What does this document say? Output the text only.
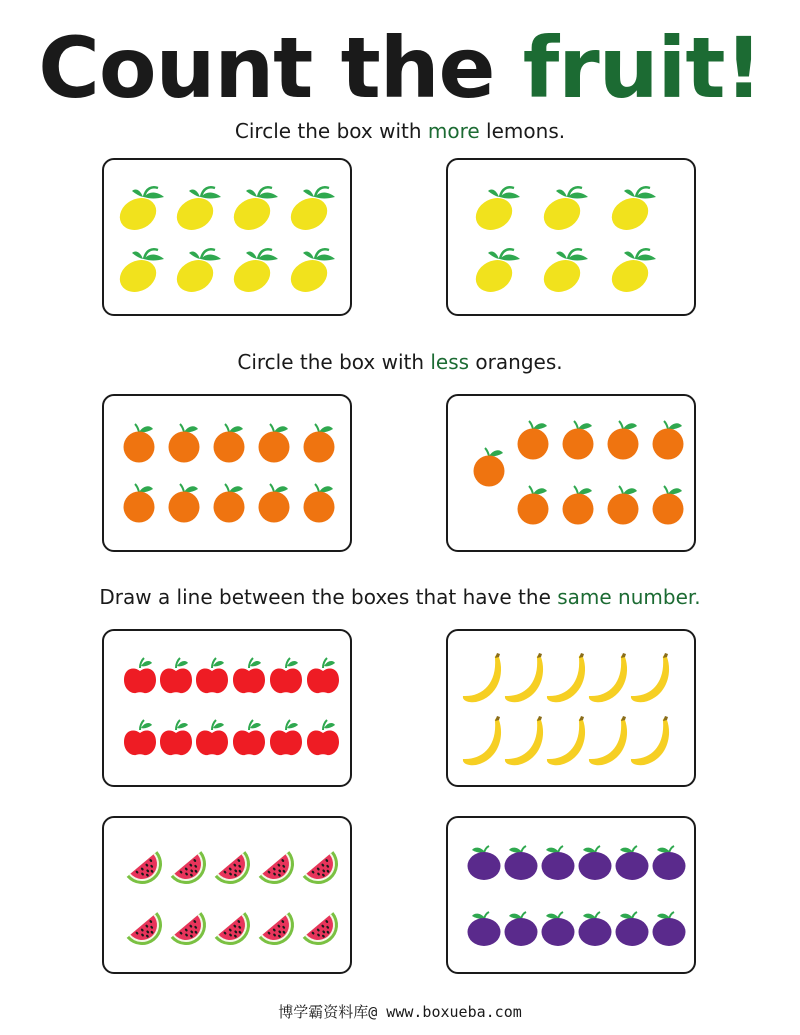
Count the fruit!
Circle the box with more lemons.
Circle the box with less oranges.
Draw a line between the boxes that have the same number.
博学霸资料库@ www.boxueba.com
